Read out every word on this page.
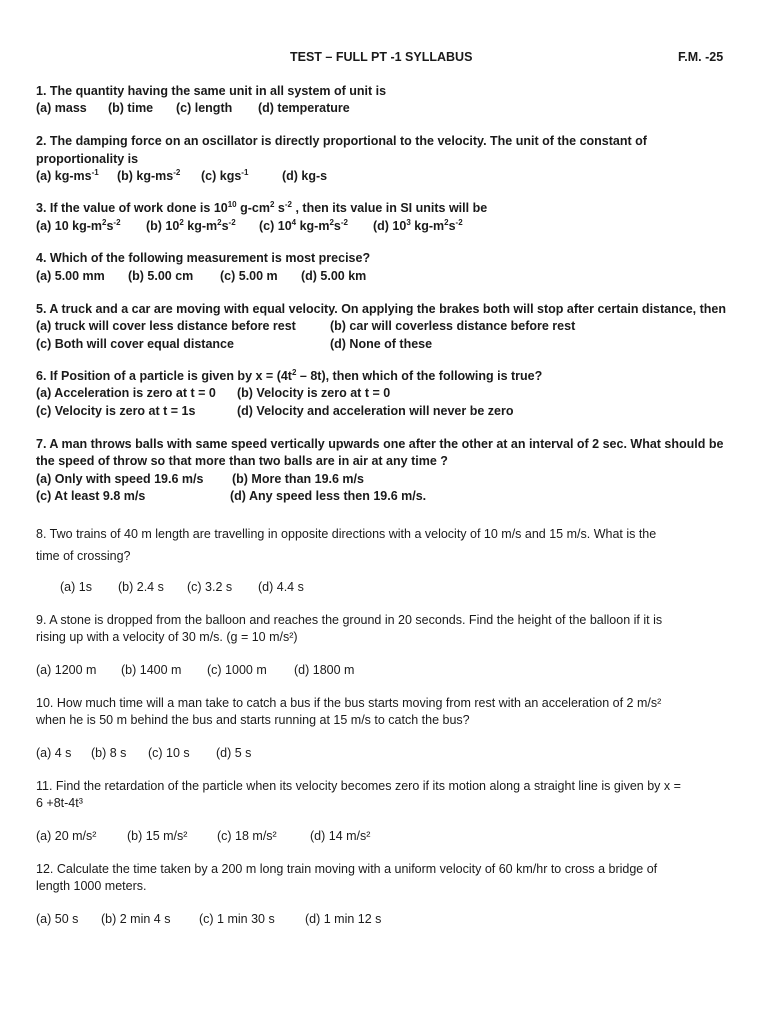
TEST – FULL PT -1 SYLLABUS	F.M. -25
1. The quantity having the same unit in all system of unit is
(a) mass (b) time (c) length (d) temperature
2. The damping force on an oscillator is directly proportional to the velocity. The unit of the constant of
proportionality is
(a) $kg-ms^{-1}$ (b) $kg-ms^{-2}$ (c) kgs$^{-1}$	(d) kg-s
3. If the value of work done is $10^{10}$ $g-cm^2$ $s^{-2}$ , then its value in SI units will be
(a) 10 $kg-m^2s^{-2}$ (b) $10^2$ $kg-m^2s^{-2}$ (c) $10^4$ $kg-m^2s^{-2}$ (d) $10^3$ $kg-m^2s^{-2}$
4. Which of the following measurement is most precise?
(a) 5.00 mm (b) 5.00 cm (c) 5.00 m (d) 5.00 km
5. A truck and a car are moving with equal velocity. On applying the brakes both will stop after certain distance, then
(a) truck will cover less distance before rest	(b) car will coverless distance before rest
(c) Both will cover equal distance	(d) None of these
6. If Position of a particle is given by $x = (4t^2 - 8t)$, then which of the following is true?
(a) Acceleration is zero at t = 0 (b) Velocity is zero at t = 0
(c) Velocity is zero at t = 1s	(d) Velocity and acceleration will never be zero
7. A man throws balls with same speed vertically upwards one after the other at an interval of 2 sec. What should be
the speed of throw so that more than two balls are in air at any time ?
(a) Only with speed 19.6 m/s (b) More than 19.6 m/s
(c) At least 9.8 m/s	(d) Any speed less then 19.6 m/s.
8. Two trains of 40 m length are travelling in opposite directions with a velocity of 10 m/s and 15 m/s. What is the
time of crossing?
(a) 1s (b) 2.4 s (c) 3.2 s (d) 4.4 s
9. A stone is dropped from the balloon and reaches the ground in 20 seconds. Find the height of the balloon if it is
rising up with a velocity of 30 m/s. (g = 10 m/s²)
(a) 1200 m (b) 1400 m (c) 1000 m (d) 1800 m
10. How much time will a man take to catch a bus if the bus starts moving from rest with an acceleration of 2 m/s²
when he is 50 m behind the bus and starts running at 15 m/s to catch the bus?
(a) 4 s (b) 8 s (c) 10 s (d) 5 s
11. Find the retardation of the particle when its velocity becomes zero if its motion along a straight line is given by x =
6 +8t-4t³
(a) 20 m/s² (b) 15 m/s² (c) 18 m/s²	(d) 14 m/s²
12. Calculate the time taken by a 200 m long train moving with a uniform velocity of 60 km/hr to cross a bridge of
length 1000 meters.
(a) 50 s (b) 2 min 4 s (c) 1 min 30 s (d) 1 min 12 s
